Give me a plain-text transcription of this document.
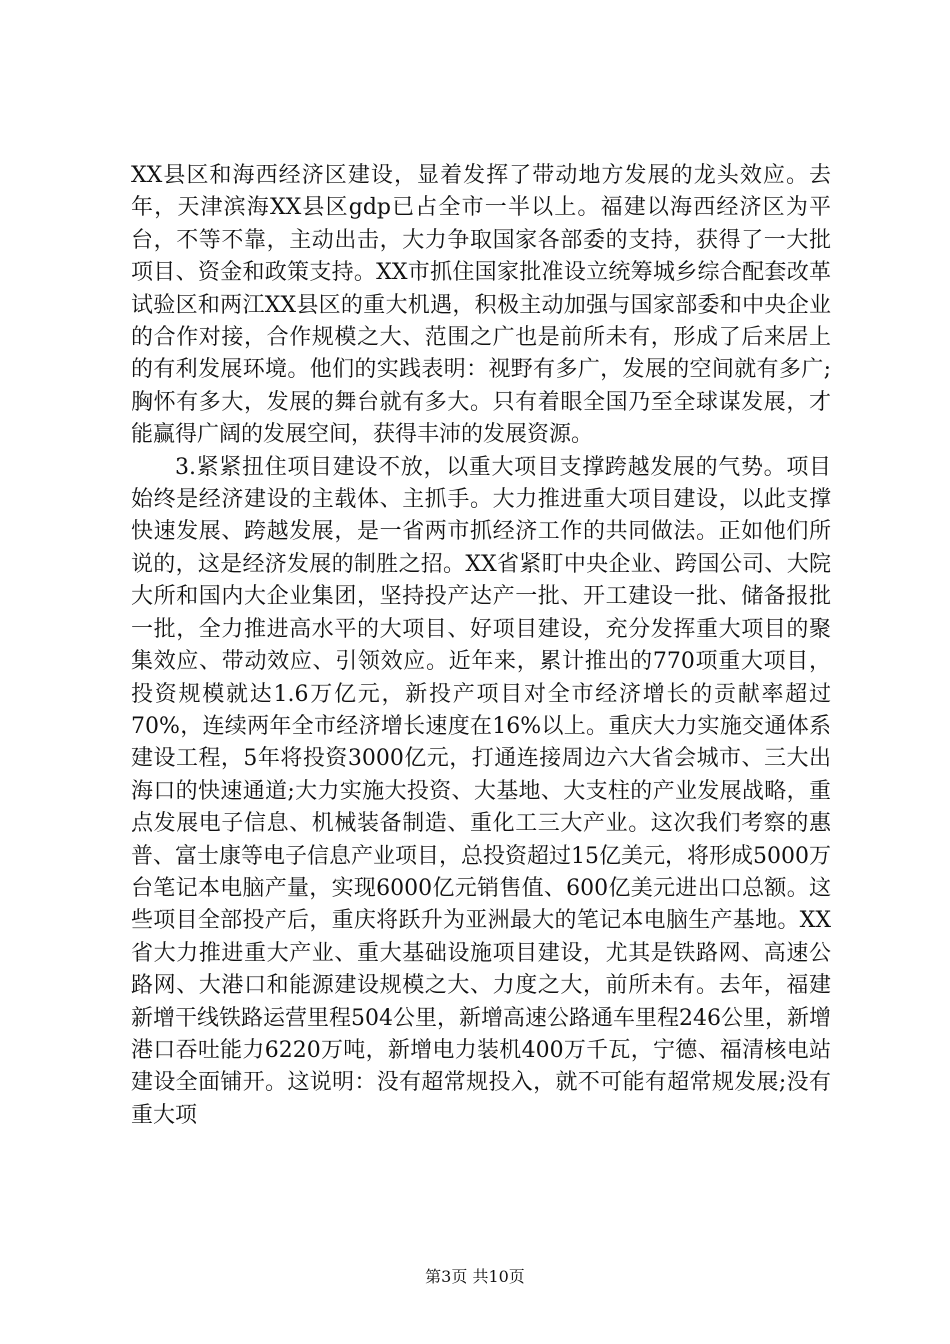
XX县区和海西经济区建设，显着发挥了带动地方发展的龙头效应。去年，天津滨海XX县区gdp已占全市一半以上。福建以海西经济区为平台，不等不靠，主动出击，大力争取国家各部委的支持，获得了一大批项目、资金和政策支持。XX市抓住国家批准设立统筹城乡综合配套改革试验区和两江XX县区的重大机遇，积极主动加强与国家部委和中央企业的合作对接，合作规模之大、范围之广也是前所未有，形成了后来居上的有利发展环境。他们的实践表明：视野有多广，发展的空间就有多广;胸怀有多大，发展的舞台就有多大。只有着眼全国乃至全球谋发展，才能赢得广阔的发展空间，获得丰沛的发展资源。

3.紧紧扭住项目建设不放，以重大项目支撑跨越发展的气势。项目始终是经济建设的主载体、主抓手。大力推进重大项目建设，以此支撑快速发展、跨越发展，是一省两市抓经济工作的共同做法。正如他们所说的，这是经济发展的制胜之招。XX省紧盯中央企业、跨国公司、大院大所和国内大企业集团，坚持投产达产一批、开工建设一批、储备报批一批，全力推进高水平的大项目、好项目建设，充分发挥重大项目的聚集效应、带动效应、引领效应。近年来，累计推出的770项重大项目，投资规模就达1.6万亿元，新投产项目对全市经济增长的贡献率超过70%，连续两年全市经济增长速度在16%以上。重庆大力实施交通体系建设工程，5年将投资3000亿元，打通连接周边六大省会城市、三大出海口的快速通道;大力实施大投资、大基地、大支柱的产业发展战略，重点发展电子信息、机械装备制造、重化工三大产业。这次我们考察的惠普、富士康等电子信息产业项目，总投资超过15亿美元，将形成5000万台笔记本电脑产量，实现6000亿元销售值、600亿美元进出口总额。这些项目全部投产后，重庆将跃升为亚洲最大的笔记本电脑生产基地。XX省大力推进重大产业、重大基础设施项目建设，尤其是铁路网、高速公路网、大港口和能源建设规模之大、力度之大，前所未有。去年，福建新增干线铁路运营里程504公里，新增高速公路通车里程246公里，新增港口吞吐能力6220万吨，新增电力装机400万千瓦，宁德、福清核电站建设全面铺开。这说明：没有超常规投入，就不可能有超常规发展;没有重大项

第3页 共10页
